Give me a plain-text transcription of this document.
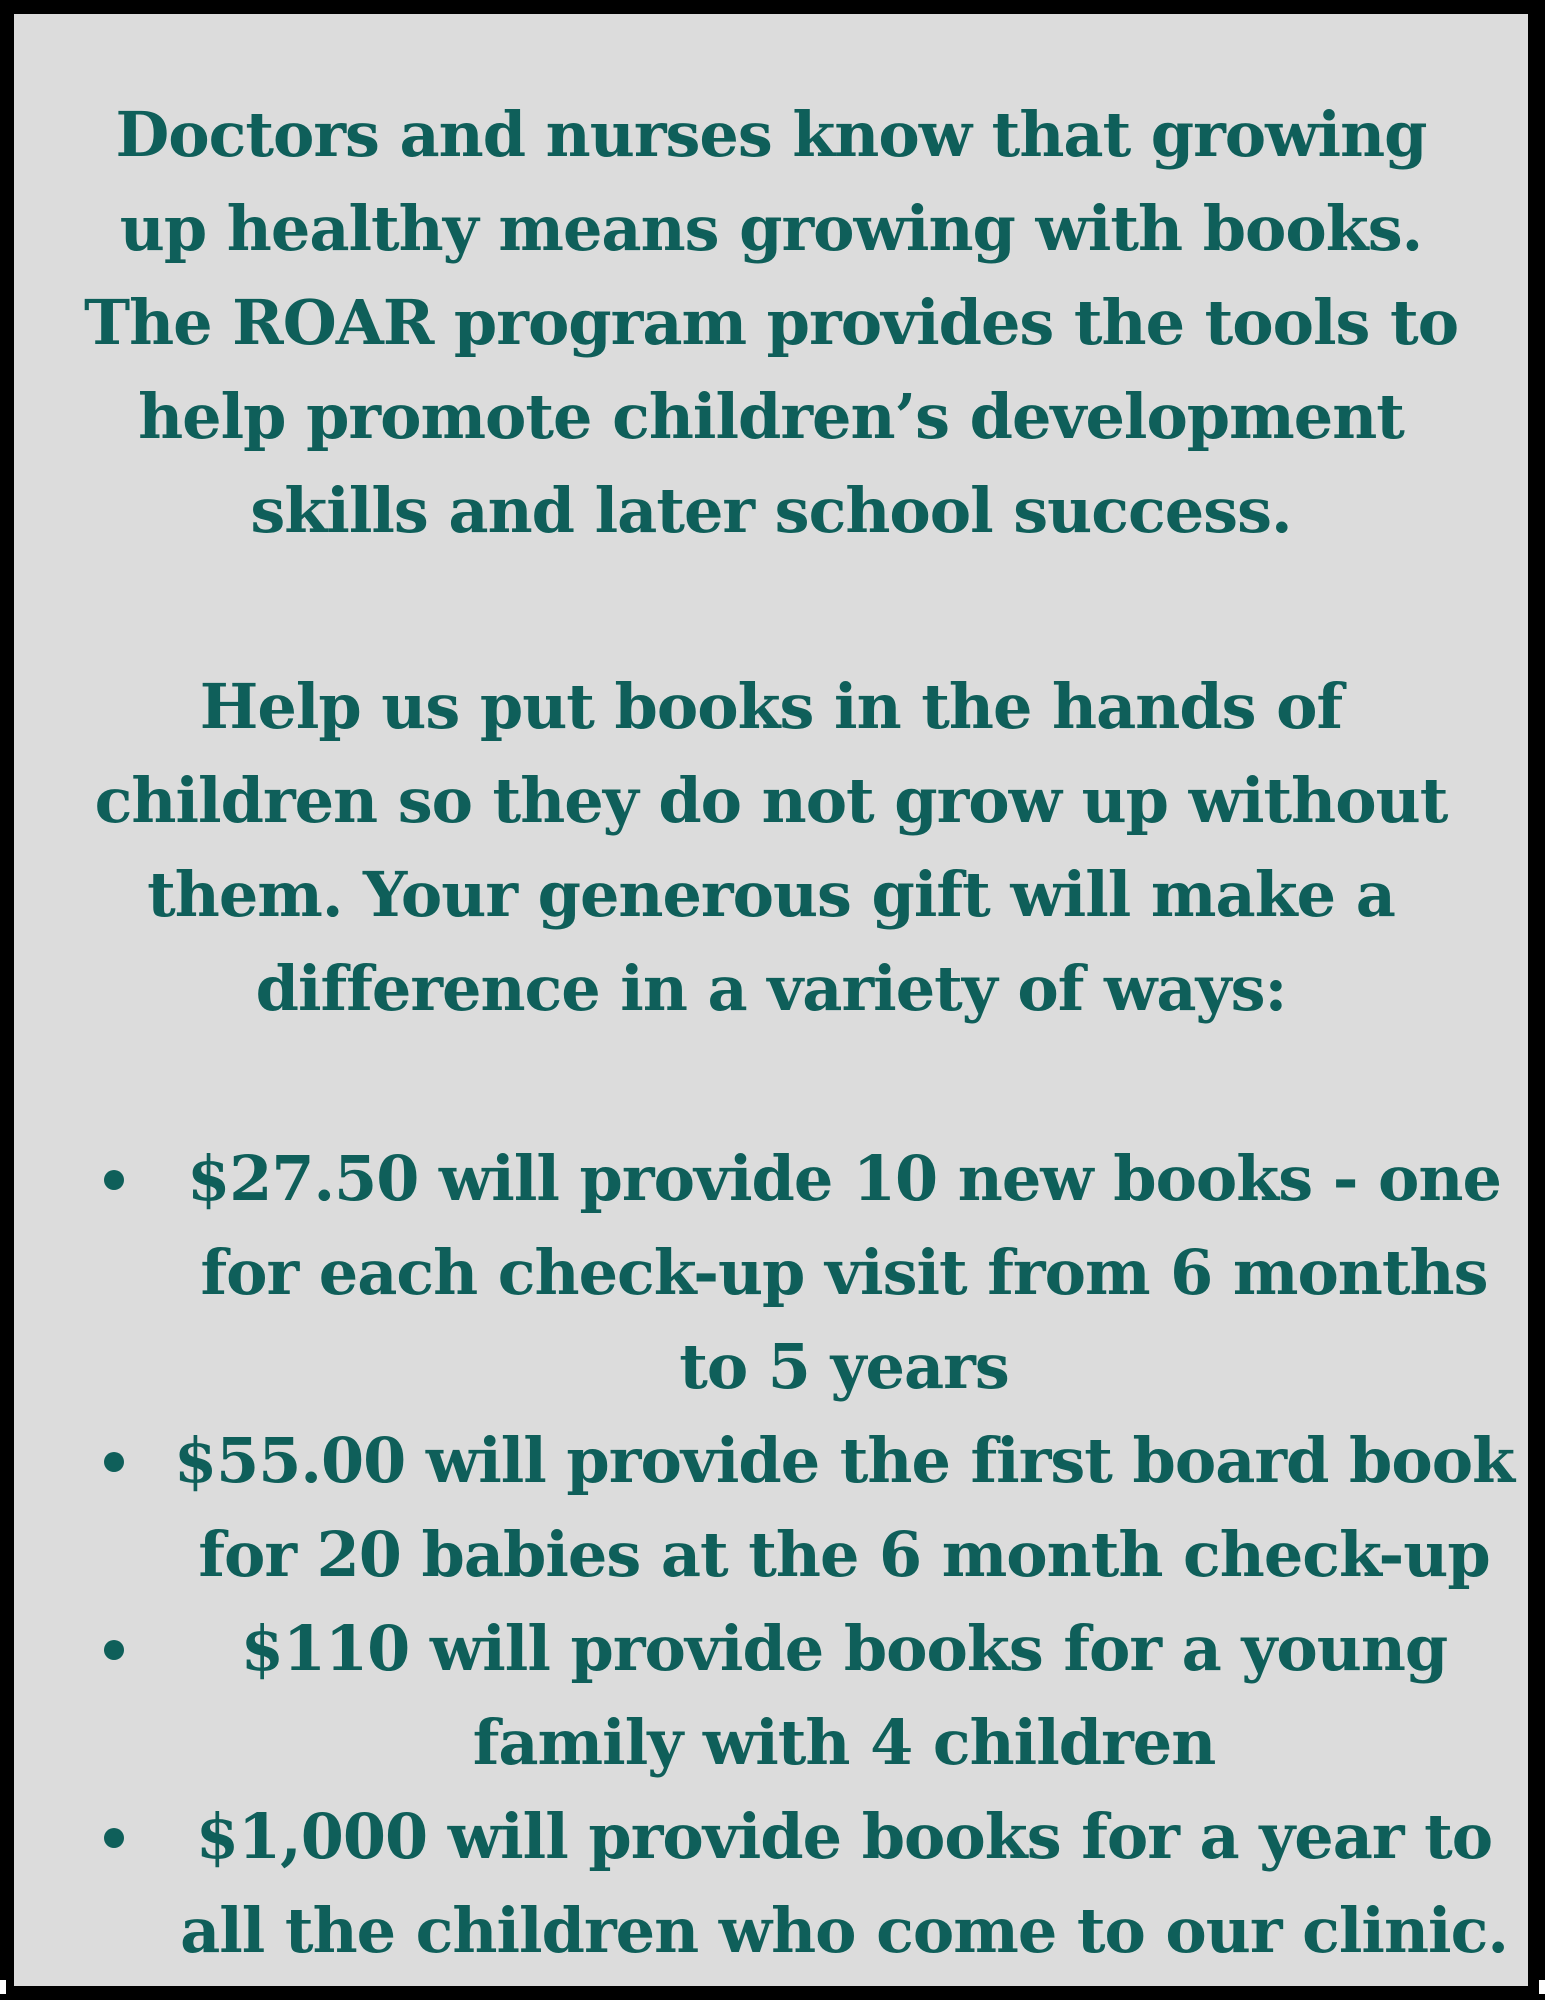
Doctors and nurses know that growing up healthy means growing with books. The ROAR program provides the tools to help promote children’s development skills and later school success.

Help us put books in the hands of children so they do not grow up without them. Your generous gift will make a difference in a variety of ways:

$27.50 will provide 10 new books - one for each check-up visit from 6 months to 5 years
$55.00 will provide the first board book for 20 babies at the 6 month check-up
$110 will provide books for a young family with 4 children
$1,000 will provide books for a year to all the children who come to our clinic.
